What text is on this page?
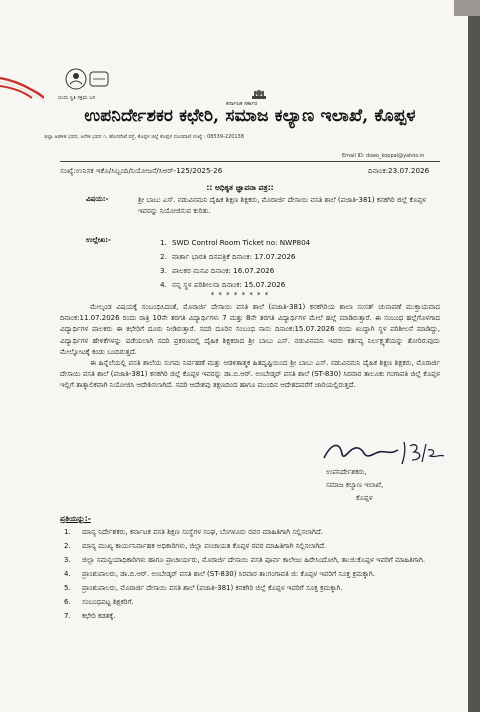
ಬಿಂದು ಸ್ಥಿತಿ ಸಕ್ಷಮ ಜನ
ಕರ್ನಾಟಕ ಸರ್ಕಾರ
ಉಪನಿರ್ದೇಶಕರ ಕಛೇರಿ, ಸಮಾಜ ಕಲ್ಯಾಣ ಇಲಾಖೆ, ಕೊಪ್ಪಳ
ಜಿಲ್ಲಾ ಆಡಳಿತ ಭವನ, ಅನೇಕ ಭವನ ೧, ಹೊಸಪೇಟೆ ರಸ್ತೆ, ಕೊಪ್ಪಳ ಜಿಲ್ಲೆ ಕೊಪ್ಪಳ ದೂರವಾಣಿ ಸಂಖ್ಯೆ : 08539-220138
Email ID: dswo_koppal@yahoo.in
ಸಂಖ್ಯೆ:ಉನಿಸಕ ಇಕೊ/ಸಿಬ್ಬಂದಿ/ನಿಯೋಜನೆ/ಸಿಆರ್-125/2025-26	ದಿನಾಂಕ:23.07.2026
:: ಅಧಿಕೃತ ಜ್ಞಾಪನಾ ಪತ್ರ::
ವಿಷಯ:-	ಶ್ರೀ ಬಾಬು ಎಸ್. ನಡುವಿನಮನಿ ದೈಹಿಕ ಶಿಕ್ಷಣ ಶಿಕ್ಷಕರು, ಮೊರಾರ್ಜಿ ದೇಸಾಯಿ ವಸತಿ ಶಾಲೆ (ಪಜಾತಿ-381) ಕನಕಗಿರಿ ಜಿಲ್ಲೆ ಕೊಪ್ಪಳ ಇವರನ್ನು ನಿಯೋಜಿಸುವ ಕುರಿತು.
ಉಲ್ಲೇಖ:-	1. SWD Control Room Ticket no: NWP804
2. ವಾರ್ತಾ ಭಾರತಿ ದಿನಪತ್ರಿಕೆ ದಿನಾಂಕ: 17.07.2026
3. ಪಾಲಕರ ಮನವಿ ದಿನಾಂಕ: 16.07.2026
4. ನನ್ನ ಸ್ಥಳ ಪರಿಶೀಲನಾ ದಿನಾಂಕ: 15.07.2026
* * * * * * * *
ಮೇಲ್ಕಂಡ ವಿಷಯಕ್ಕೆ ಸಂಬಂಧಿಸಿದಂತೆ, ಮೊರಾರ್ಜಿ ದೇಸಾಯಿ ವಸತಿ ಶಾಲೆ (ಪಜಾತಿ-381) ಕನಕಗಿರಿಯ ಶಾಲಾ ಸಂಸತ್ ಚುನಾವಣೆ ಮುಕ್ತಾಯವಾದ ದಿನಾಂಕ:11.07.2026 ರಂದು ರಾತ್ರಿ 10ನೇ ತರಗತಿ ವಿದ್ಯಾರ್ಥಿಗಳು 7 ಮತ್ತು 8ನೇ ತರಗತಿ ವಿದ್ಯಾರ್ಥಿಗಳ ಮೇಲೆ ಹಲ್ಲೆ ಮಾಡಿರುತ್ತಾರೆ. ಈ ಸಂಬಂಧ ಹಲ್ಲೆಗೊಳಗಾದ ವಿದ್ಯಾರ್ಥಿಗಳ ಪಾಲಕರು ಈ ಕಛೇರಿಗೆ ದೂರು ನೀಡಿರುತ್ತಾರೆ. ಸದರಿ ದೂರಿನ ಸಂಬಂಧ ನಾನು ದಿನಾಂಕ:15.07.2026 ರಂದು ಖುದ್ದಾಗಿ ಸ್ಥಳ ಪರಿಶೀಲನೆ ಮಾಡಿದ್ದು, ವಿದ್ಯಾರ್ಥಿಗಳ ಹೇಳಿಕೆಗಳನ್ನು ಪಡೆಯಲಾಗಿ ಸದರಿ ಪ್ರಕರಣದಲ್ಲಿ ದೈಹಿಕ ಶಿಕ್ಷಕರಾದ ಶ್ರೀ ಬಾಬು ಎಸ್. ನಡುವಿನಮನಿ ಇವರು ಕರ್ತವ್ಯ ನಿರ್ಲಕ್ಷ್ಯತೆಯನ್ನು ತೋರಿರುವುದು ಮೇಲ್ನೋಟಕ್ಕೆ ಕಂಡು ಬಂದಿರುತ್ತದೆ.
ಈ ಹಿನ್ನೆಲೆಯಲ್ಲಿ ವಸತಿ ಶಾಲೆಯ ಸುಗಮ ನಿರ್ವಹಣೆ ಮತ್ತು ಆಡಳಿತಾತ್ಮಕ ಹಿತದೃಷ್ಟಿಯಿಂದ ಶ್ರೀ ಬಾಬು ಎಸ್. ನಡುವಿನಮನಿ ದೈಹಿಕ ಶಿಕ್ಷಣ ಶಿಕ್ಷಕರು, ಮೊರಾರ್ಜಿ ದೇಸಾಯಿ ವಸತಿ ಶಾಲೆ (ಪಜಾತಿ-381) ಕನಕಗಿರಿ ಜಿಲ್ಲೆ ಕೊಪ್ಪಳ ಇವರನ್ನು ಡಾ.ಬಿ.ಆರ್. ಅಂಬೇಡ್ಕರ್ ವಸತಿ ಶಾಲೆ (ST-830) ಸಿರವಾರ ತಾಲೂಕು ಗಂಗಾವತಿ ಜಿಲ್ಲೆ ಕೊಪ್ಪಳ ಇಲ್ಲಿಗೆ ತಾತ್ಕಾಲಿಕವಾಗಿ ನಿಯೋಜಿಸಿ ಆದೇಶಿಸಲಾಗಿದೆ. ಸದರಿ ಆದೇಶವು ತಕ್ಷಣದಿಂದ ಹಾಗೂ ಮುಂದಿನ ಆದೇಶದವರೆಗೆ ಜಾರಿಯಲ್ಲಿರುತ್ತದೆ.
ಉಪನಿರ್ದೇಶಕರು,
ಸಮಾಜ ಕಲ್ಯಾಣ ಇಲಾಖೆ,
ಕೊಪ್ಪಳ
ಪ್ರತಿಯನ್ನು:-
1. ಮಾನ್ಯ ನಿರ್ದೇಶಕರು, ಕರ್ನಾಟಕ ವಸತಿ ಶಿಕ್ಷಣ ಸಂಸ್ಥೆಗಳ ಸಂಘ, ಬೆಂಗಳೂರು ರವರ ಮಾಹಿತಿಗಾಗಿ ಸಲ್ಲಿಸಲಾಗಿದೆ.
2. ಮಾನ್ಯ ಮುಖ್ಯ ಕಾರ್ಯನಿರ್ವಾಹಕ ಅಧಿಕಾರಿಗಳು, ಜಿಲ್ಲಾ ಪಂಚಾಯತ ಕೊಪ್ಪಳ ರವರ ಮಾಹಿತಿಗಾಗಿ ಸಲ್ಲಿಸಲಾಗಿದೆ.
3. ಜಿಲ್ಲಾ ಸಮನ್ವಯಾಧಿಕಾರಿಗಳು ಹಾಗೂ ಪ್ರಾಚಾರ್ಯರು, ಮೊರಾರ್ಜಿ ದೇಸಾಯಿ ವಸತಿ ಪೂರ್ವ ಕಾಲೇಜು ಹಿರೇಸಿಂದೋಗಿ, ತಾ:ಜಿ:ಕೊಪ್ಪಳ ಇವರಿಗೆ ಮಾಹಿತಿಗಾಗಿ.
4. ಪ್ರಾಂಶುಪಾಲರು, ಡಾ.ಬಿ.ಆರ್. ಅಂಬೇಡ್ಕರ್ ವಸತಿ ಶಾಲೆ (ST-830) ಸಿರವಾರ ತಾ:ಗಂಗಾವತಿ ಜಿ: ಕೊಪ್ಪಳ ಇವರಿಗೆ ಸೂಕ್ತ ಕ್ರಮಕ್ಕಾಗಿ.
5. ಪ್ರಾಂಶುಪಾಲರು, ಮೊರಾರ್ಜಿ ದೇಸಾಯಿ ವಸತಿ ಶಾಲೆ (ಪಜಾತಿ-381) ಕನಕಗಿರಿ ಜಿಲ್ಲೆ ಕೊಪ್ಪಳ ಇವರಿಗೆ ಸೂಕ್ತ ಕ್ರಮಕ್ಕಾಗಿ.
6. ಸಂಬಂಧಪಟ್ಟ ಶಿಕ್ಷಕರಿಗೆ.
7. ಕಛೇರಿ ಕಡತಕ್ಕೆ.
